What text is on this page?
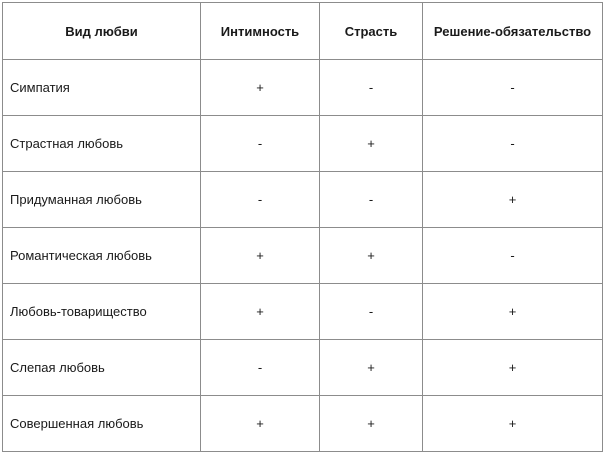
Вид любви	Интимность	Страсть	Решение-обязательство
Симпатия	+	-	-
Страстная любовь	-	+	-
Придуманная любовь	-	-	+
Романтическая любовь	+	+	-
Любовь-товарищество	+	-	+
Слепая любовь	-	+	+
Совершенная любовь	+	+	+
